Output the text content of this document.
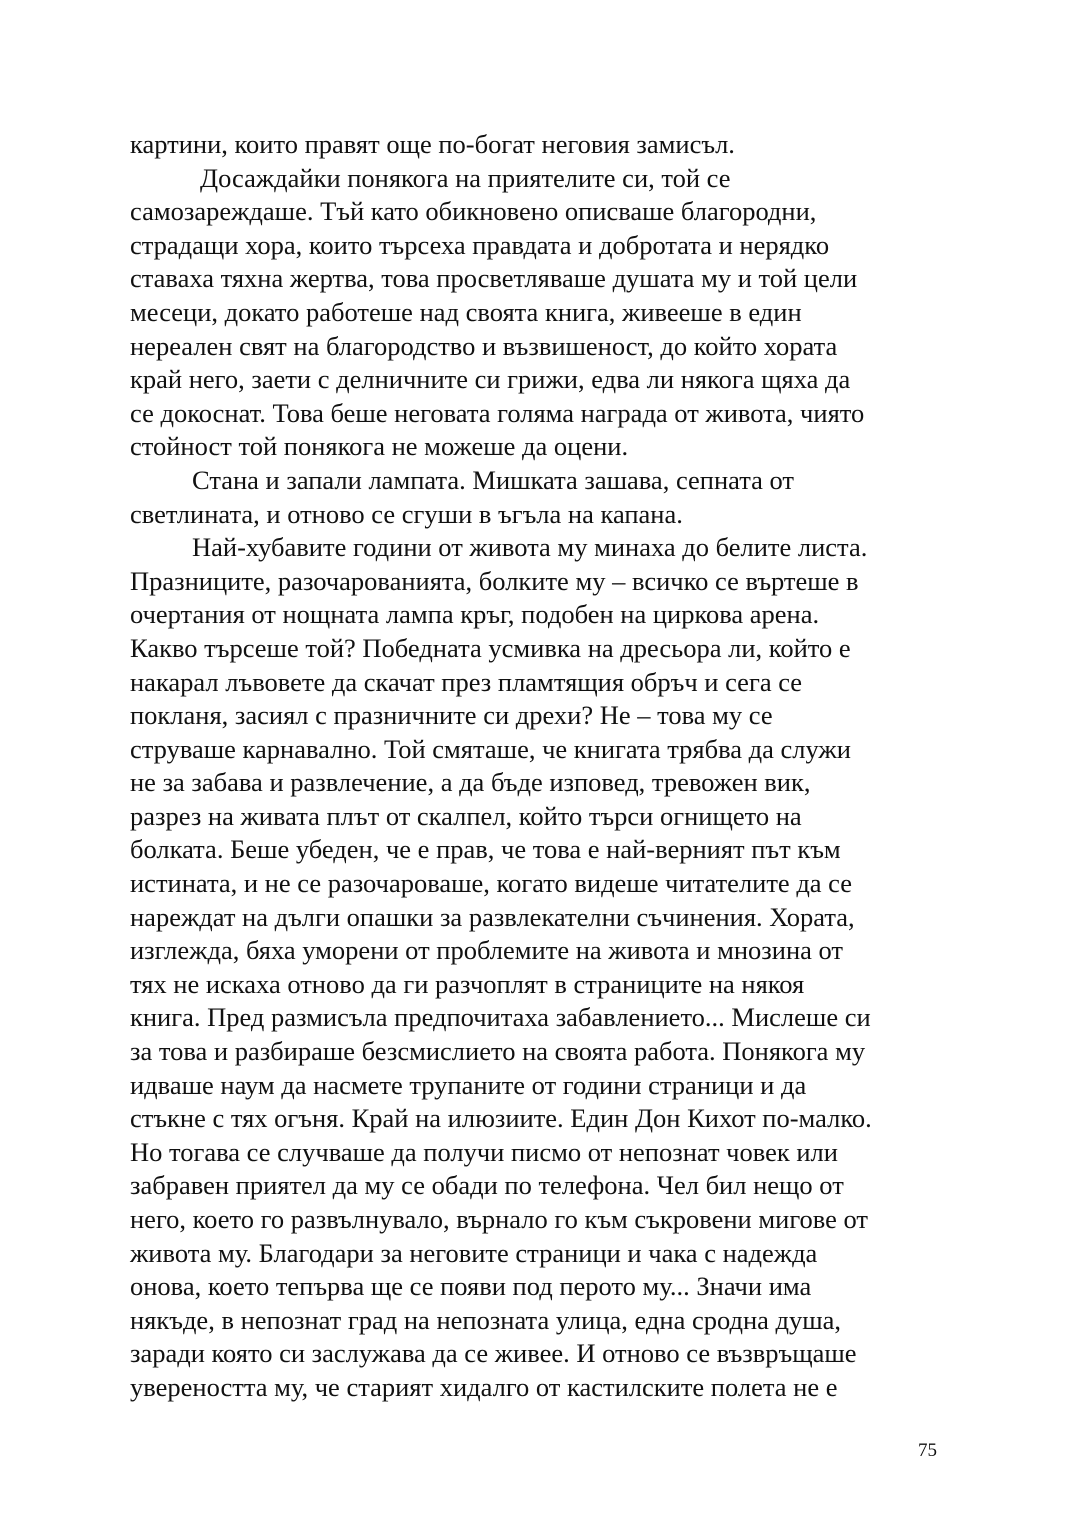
картини, които правят още по-богат неговия замисъл.
Досаждайки понякога на приятелите си, той се
самозареждаше. Тъй като обикновено описваше благородни,
страдащи хора, които търсеха правдата и добротата и нерядко
ставаха тяхна жертва, това просветляваше душата му и той цели
месеци, докато работеше над своята книга, живееше в един
нереален свят на благородство и възвишеност, до който хората
край него, заети с делничните си грижи, едва ли някога щяха да
се докоснат. Това беше неговата голяма награда от живота, чиято
стойност той понякога не можеше да оцени.
Стана и запали лампата. Мишката зашава, сепната от
светлината, и отново се сгуши в ъгъла на капана.
Най-хубавите години от живота му минаха до белите листа.
Празниците, разочарованията, болките му – всичко се въртеше в
очертания от нощната лампа кръг, подобен на циркова арена.
Какво търсеше той? Победната усмивка на дресьора ли, който е
накарал лъвовете да скачат през пламтящия обръч и сега се
покланя, засиял с празничните си дрехи? Не – това му се
струваше карнавално. Той смяташе, че книгата трябва да служи
не за забава и развлечение, а да бъде изповед, тревожен вик,
разрез на живата плът от скалпел, който търси огнището на
болката. Беше убеден, че е прав, че това е най-верният път към
истината, и не се разочароваше, когато видеше читателите да се
нареждат на дълги опашки за развлекателни съчинения. Хората,
изглежда, бяха уморени от проблемите на живота и мнозина от
тях не искаха отново да ги разчоплят в страниците на някоя
книга. Пред размисъла предпочитаха забавлението... Мислеше си
за това и разбираше безсмислието на своята работа. Понякога му
идваше наум да насмете трупаните от години страници и да
стъкне с тях огъня. Край на илюзиите. Един Дон Кихот по-малко.
Но тогава се случваше да получи писмо от непознат човек или
забравен приятел да му се обади по телефона. Чел бил нещо от
него, което го развълнувало, върнало го към съкровени мигове от
живота му. Благодари за неговите страници и чака с надежда
онова, което тепърва ще се появи под перото му... Значи има
някъде, в непознат град на непозната улица, една сродна душа,
заради която си заслужава да се живее. И отново се възвръщаше
увереността му, че старият хидалго от кастилските полета не е
75
